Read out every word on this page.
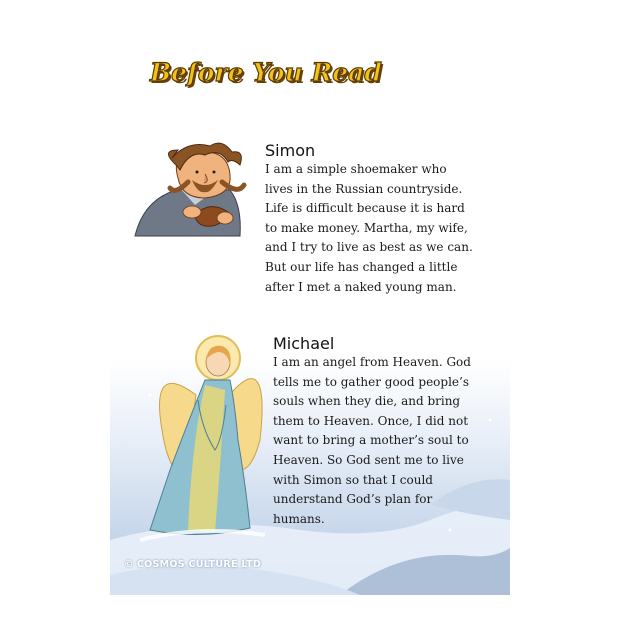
Before You Read
Simon
I am a simple shoemaker who
lives in the Russian countryside.
Life is difficult because it is hard
to make money. Martha, my wife,
and I try to live as best as we can.
But our life has changed a little
after I met a naked young man.
Michael
I am an angel from Heaven. God
tells me to gather good people’s
souls when they die, and bring
them to Heaven. Once, I did not
want to bring a mother’s soul to
Heaven. So God sent me to live
with Simon so that I could
understand God’s plan for
humans.
© COSMOS CULTURE LTD
